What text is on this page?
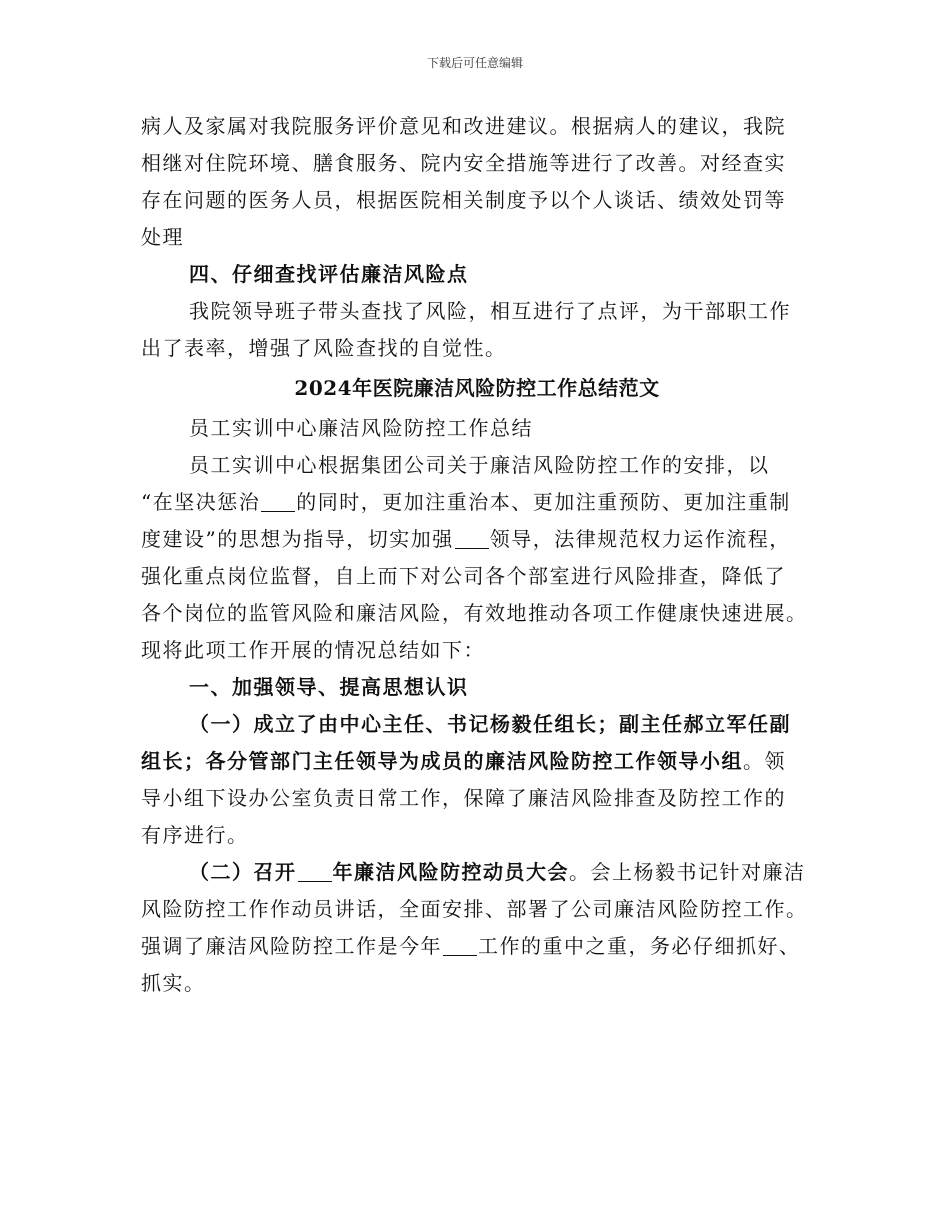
下载后可任意编辑

病人及家属对我院服务评价意见和改进建议。根据病人的建议，我院
相继对住院环境、膳食服务、院内安全措施等进行了改善。对经查实
存在问题的医务人员，根据医院相关制度予以个人谈话、绩效处罚等
处理

四、仔细查找评估廉洁风险点

我院领导班子带头查找了风险，相互进行了点评，为干部职工作
出了表率，增强了风险查找的自觉性。

2024年医院廉洁风险防控工作总结范文

员工实训中心廉洁风险防控工作总结

员工实训中心根据集团公司关于廉洁风险防控工作的安排，以
“在坚决惩治 的同时，更加注重治本、更加注重预防、更加注重制
度建设”的思想为指导，切实加强 领导，法律规范权力运作流程，
强化重点岗位监督，自上而下对公司各个部室进行风险排查，降低了
各个岗位的监管风险和廉洁风险，有效地推动各项工作健康快速进展。
现将此项工作开展的情况总结如下：

一、加强领导、提高思想认识

（一）成立了由中心主任、书记杨毅任组长；副主任郝立军任副
组长；各分管部门主任领导为成员的廉洁风险防控工作领导小组。领
导小组下设办公室负责日常工作，保障了廉洁风险排查及防控工作的
有序进行。

（二）召开 年廉洁风险防控动员大会。会上杨毅书记针对廉洁
风险防控工作作动员讲话，全面安排、部署了公司廉洁风险防控工作。
强调了廉洁风险防控工作是今年 工作的重中之重，务必仔细抓好、
抓实。
